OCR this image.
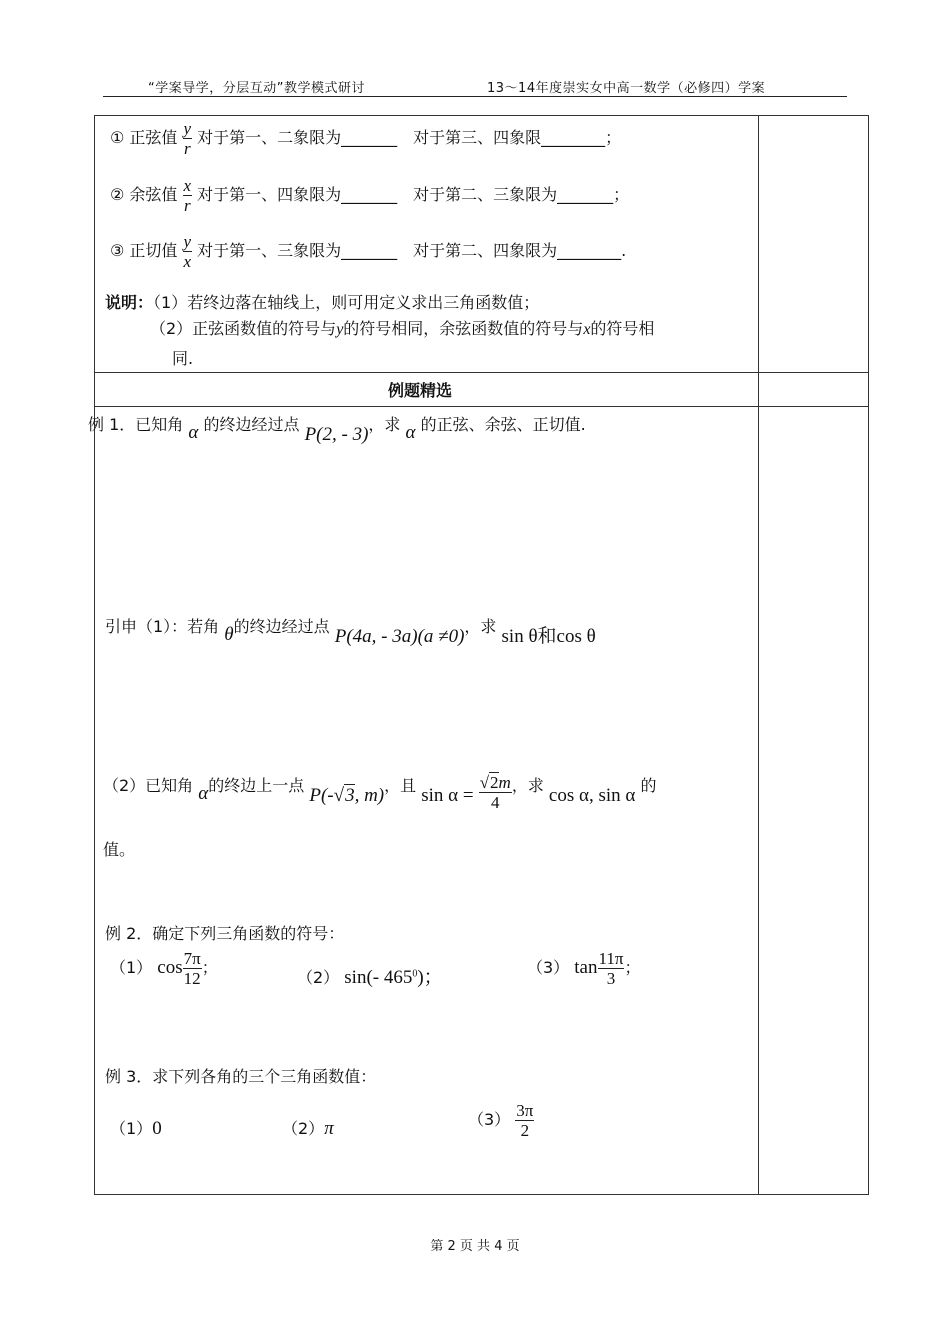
“学案导学，分层互动”教学模式研讨	13～14年度崇实女中高一数学（必修四）学案
① 正弦值 $\frac{y}{r}$ 对于第一、二象限为_______　对于第三、四象限________；
② 余弦值 $\frac{x}{r}$ 对于第一、四象限为_______　对于第二、三象限为_______；
③ 正切值 $\frac{y}{x}$ 对于第一、三象限为_______　对于第二、四象限为________.
说明：（1）若终边落在轴线上，则可用定义求出三角函数值；
（2）正弦函数值的符号与y的符号相同，余弦函数值的符号与x的符号相
同.
例题精选
例 1．已知角 α 的终边经过点 P(2, - 3)，求 α 的正弦、余弦、正切值.
引申（1）：若角 θ的终边经过点 P(4a, - 3a)(a ≠0)，求 sin θ和cos θ
（2）已知角 α的终边上一点 P(-√3, m)，且 $\sin \alpha = \frac{√2m}{4}$ ，求 cos α, sin α 的
值。
例 2．确定下列三角函数的符号：
（1） $\cos \frac{7\pi}{12}$ ；
（2） sin(- $465^0$)；	（3） $\tan \frac{11\pi}{3}$ ；
例 3．求下列各角的三个三角函数值：
（1）0	（2）π	$(3) \frac{3\pi}{2}$
第 2 页 共 4 页
